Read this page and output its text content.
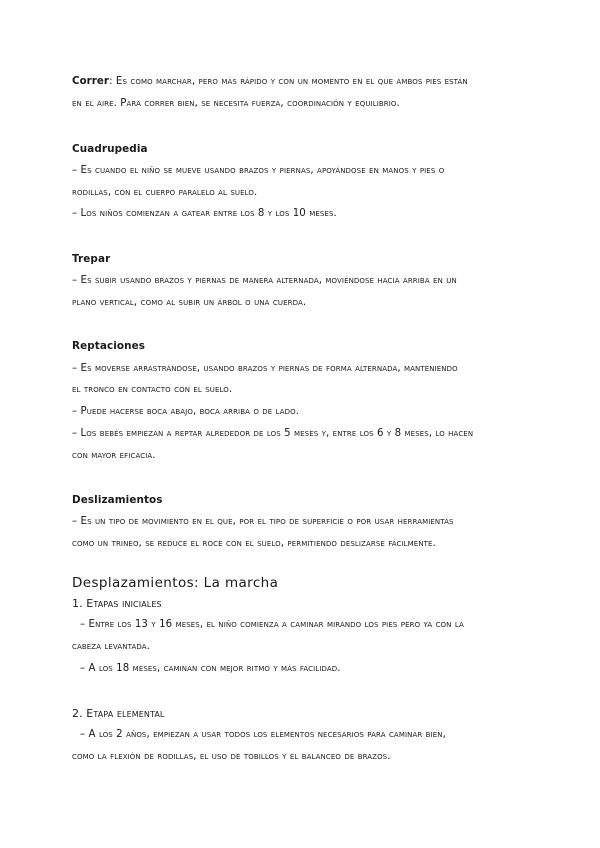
Correr: Es como marchar, pero más rápido y con un momento en el que ambos pies están
en el aire. Para correr bien, se necesita fuerza, coordinación y equilibrio.
Cuadrupedia
– Es cuando el niño se mueve usando brazos y piernas, apoyándose en manos y pies o
rodillas, con el cuerpo paralelo al suelo.
– Los niños comienzan a gatear entre los 8 y los 10 meses.
Trepar
– Es subir usando brazos y piernas de manera alternada, moviéndose hacia arriba en un
plano vertical, como al subir un árbol o una cuerda.
Reptaciones
– Es moverse arrastrándose, usando brazos y piernas de forma alternada, manteniendo
el tronco en contacto con el suelo.
– Puede hacerse boca abajo, boca arriba o de lado.
– Los bebés empiezan a reptar alrededor de los 5 meses y, entre los 6 y 8 meses, lo hacen
con mayor eficacia.
Deslizamientos
– Es un tipo de movimiento en el que, por el tipo de superficie o por usar herramientas
como un trineo, se reduce el roce con el suelo, permitiendo deslizarse fácilmente.
Desplazamientos: La marcha
1. Etapas iniciales
– Entre los 13 y 16 meses, el niño comienza a caminar mirando los pies pero ya con la
cabeza levantada.
– A los 18 meses, caminan con mejor ritmo y más facilidad.
2. Etapa elemental
– A los 2 años, empiezan a usar todos los elementos necesarios para caminar bien,
como la flexión de rodillas, el uso de tobillos y el balanceo de brazos.
